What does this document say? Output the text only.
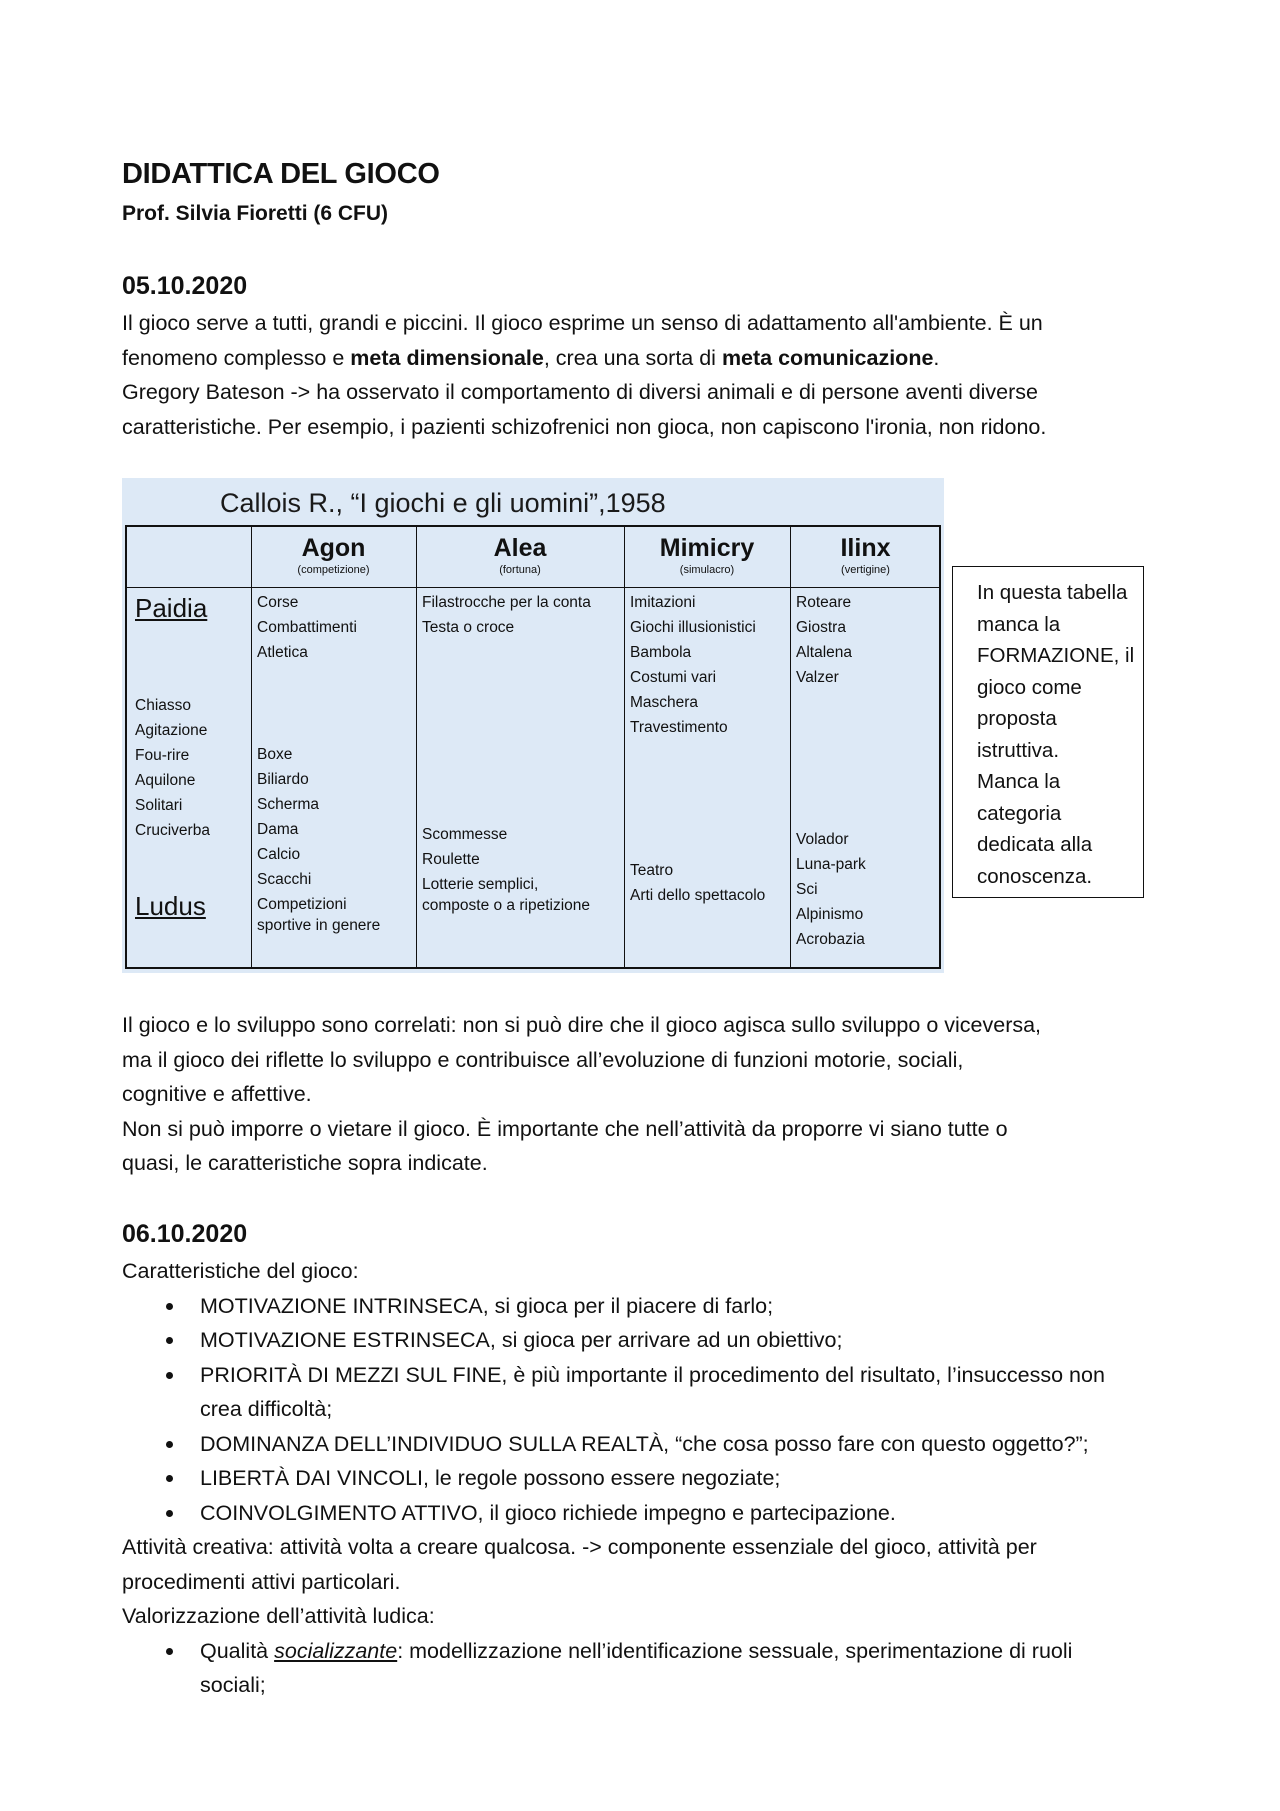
DIDATTICA DEL GIOCO
Prof. Silvia Fioretti (6 CFU)
05.10.2020

Il gioco serve a tutti, grandi e piccini. Il gioco esprime un senso di adattamento all'ambiente. È un

fenomeno complesso e meta dimensionale, crea una sorta di meta comunicazione.

Gregory Bateson -> ha osservato il comportamento di diversi animali e di persone aventi diverse

caratteristiche. Per esempio, i pazienti schizofrenici non gioca, non capiscono l'ironia, non ridono.

Callois R., “I giochi e gli uomini”,1958
Agon
(competizione)
Alea
(fortuna)
Mimicry
(simulacro)
Ilinx
(vertigine)
Paidia
Ludus
Chiasso
Agitazione
Fou-rire
Aquilone
Solitari
Cruciverba
Corse
Combattimenti
Atletica
Boxe
Biliardo
Scherma
Dama
Calcio
Scacchi
Competizioni
sportive in genere
Filastrocche per la conta
Testa o croce
Scommesse
Roulette
Lotterie semplici,
composte o a ripetizione
Imitazioni
Giochi illusionistici
Bambola
Costumi vari
Maschera
Travestimento
Teatro
Arti dello spettacolo
Roteare
Giostra
Altalena
Valzer
Volador
Luna-park
Sci
Alpinismo
Acrobazia
In questa tabella
manca la
FORMAZIONE, il
gioco come
proposta
istruttiva.
Manca la
categoria
dedicata alla
conoscenza.

Il gioco e lo sviluppo sono correlati: non si può dire che il gioco agisca sullo sviluppo o viceversa,

ma il gioco dei riflette lo sviluppo e contribuisce all’evoluzione di funzioni motorie, sociali,

cognitive e affettive.

Non si può imporre o vietare il gioco. È importante che nell’attività da proporre vi siano tutte o

quasi, le caratteristiche sopra indicate.

06.10.2020

Caratteristiche del gioco:

MOTIVAZIONE INTRINSECA, si gioca per il piacere di farlo;
MOTIVAZIONE ESTRINSECA, si gioca per arrivare ad un obiettivo;
PRIORITÀ DI MEZZI SUL FINE, è più importante il procedimento del risultato, l’insuccesso non crea difficoltà;
DOMINANZA DELL’INDIVIDUO SULLA REALTÀ, “che cosa posso fare con questo oggetto?”;
LIBERTÀ DAI VINCOLI, le regole possono essere negoziate;
COINVOLGIMENTO ATTIVO, il gioco richiede impegno e partecipazione.

Attività creativa: attività volta a creare qualcosa. -> componente essenziale del gioco, attività per

procedimenti attivi particolari.

Valorizzazione dell’attività ludica:

Qualità socializzante: modellizzazione nell’identificazione sessuale, sperimentazione di ruoli sociali;
